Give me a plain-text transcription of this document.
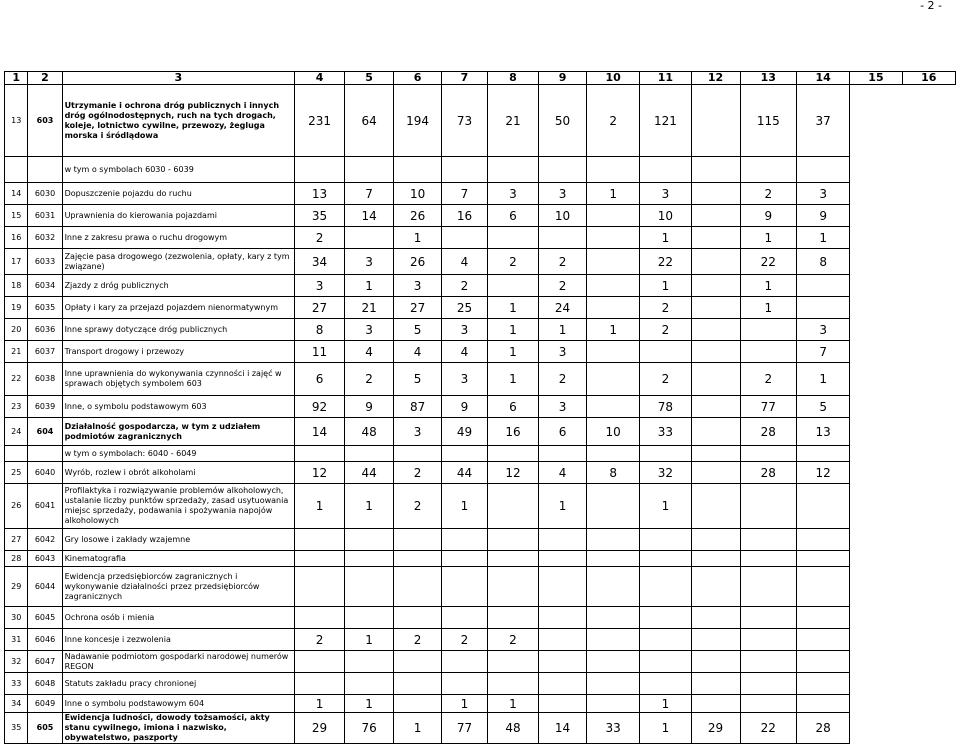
- 2 -
1	2	3	4	5	6	7	8	9	10	11	12	13	14	15	16
13	603	Utrzymanie i ochrona dróg publicznych i innych dróg ogólnodostępnych, ruch na tych drogach, koleje, lotnictwo cywilne, przewozy, żegluga morska i śródlądowa	231	64	194	73	21	50	2	121		115	37		
		w tym o symbolach 6030 - 6039													
14	6030	Dopuszczenie pojazdu do ruchu	13	7	10	7	3	3	1	3		2	3		
15	6031	Uprawnienia do kierowania pojazdami	35	14	26	16	6	10		10		9	9		
16	6032	Inne z zakresu prawa o ruchu drogowym	2		1					1		1	1		
17	6033	Zajęcie pasa drogowego (zezwolenia, opłaty, kary z tym związane)	34	3	26	4	2	2		22		22	8		
18	6034	Zjazdy z dróg publicznych	3	1	3	2		2		1		1			
19	6035	Opłaty i kary za przejazd pojazdem nienormatywnym	27	21	27	25	1	24		2		1			
20	6036	Inne sprawy dotyczące dróg publicznych	8	3	5	3	1	1	1	2			3		
21	6037	Transport drogowy i przewozy	11	4	4	4	1	3					7		
22	6038	Inne uprawnienia do wykonywania czynności i zajęć w sprawach objętych symbolem 603	6	2	5	3	1	2		2		2	1		
23	6039	Inne, o symbolu podstawowym 603	92	9	87	9	6	3		78		77	5		
24	604	Działalność gospodarcza, w tym z udziałem podmiotów zagranicznych	14	48	3	49	16	6	10	33		28	13		
		w tym o symbolach: 6040 - 6049													
25	6040	Wyrób, rozlew i obrót alkoholami	12	44	2	44	12	4	8	32		28	12		
26	6041	Profilaktyka i rozwiązywanie problemów alkoholowych, ustalanie liczby punktów sprzedaży, zasad usytuowania miejsc sprzedaży, podawania i spożywania napojów alkoholowych	1	1	2	1		1		1					
27	6042	Gry losowe i zakłady wzajemne													
28	6043	Kinematografia													
29	6044	Ewidencja przedsiębiorców zagranicznych i wykonywanie działalności przez przedsiębiorców zagranicznych													
30	6045	Ochrona osób i mienia													
31	6046	Inne koncesje i zezwolenia	2	1	2	2	2								
32	6047	Nadawanie podmiotom gospodarki narodowej numerów REGON													
33	6048	Statuts zakładu pracy chronionej													
34	6049	Inne o symbolu podstawowym 604	1	1		1	1			1					
35	605	Ewidencja ludności, dowody tożsamości, akty stanu cywilnego, imiona i nazwisko, obywatelstwo, paszporty	29	76	1	77	48	14	33	1	29	22	28		
